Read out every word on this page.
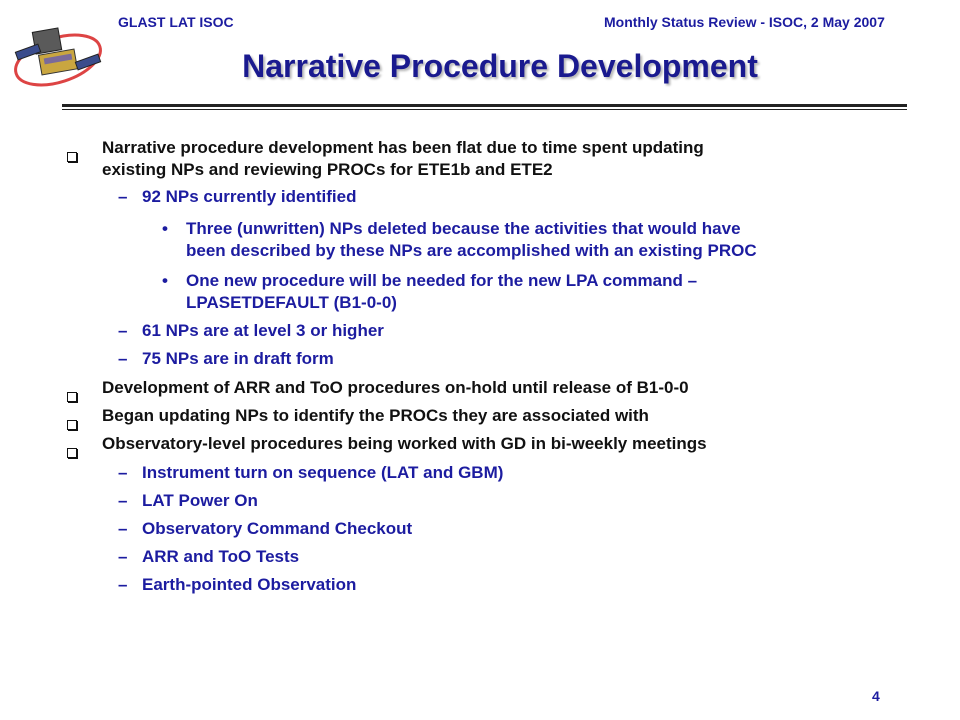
GLAST LAT ISOC	Monthly Status Review - ISOC, 2 May 2007
Narrative Procedure Development
Narrative procedure development has been flat due to time spent updating
existing NPs and reviewing PROCs for ETE1b and ETE2
– 92 NPs currently identified
• Three (unwritten) NPs deleted because the activities that would have
been described by these NPs are accomplished with an existing PROC
• One new procedure will be needed for the new LPA command –
LPASETDEFAULT (B1-0-0)
– 61 NPs are at level 3 or higher
– 75 NPs are in draft form
Development of ARR and ToO procedures on-hold until release of B1-0-0
Began updating NPs to identify the PROCs they are associated with
Observatory-level procedures being worked with GD in bi-weekly meetings
– Instrument turn on sequence (LAT and GBM)
– LAT Power On
– Observatory Command Checkout
– ARR and ToO Tests
– Earth-pointed Observation
4
